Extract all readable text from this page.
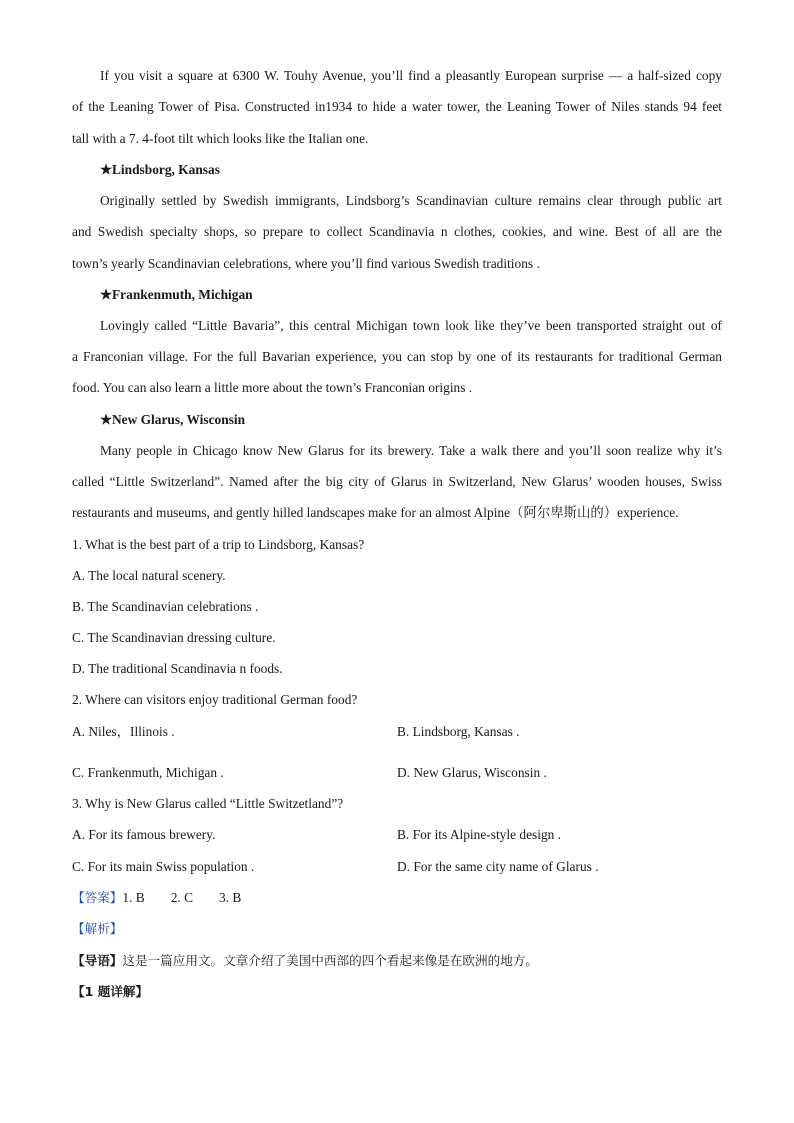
If you visit a square at 6300 W. Touhy Avenue, you’ll find a pleasantly European surprise — a half-sized copy
of the Leaning Tower of Pisa. Constructed in1934 to hide a water tower, the Leaning Tower of Niles stands 94 feet
tall with a 7. 4-foot tilt which looks like the Italian one.
★Lindsborg, Kansas
Originally settled by Swedish immigrants, Lindsborg’s Scandinavian culture remains clear through public art
and Swedish specialty shops, so prepare to collect Scandinavia n clothes, cookies, and wine. Best of all are the
town’s yearly Scandinavian celebrations, where you’ll find various Swedish traditions .
★Frankenmuth, Michigan
Lovingly called “Little Bavaria”, this central Michigan town look like they’ve been transported straight out of
a Franconian village. For the full Bavarian experience, you can stop by one of its restaurants for traditional German
food. You can also learn a little more about the town’s Franconian origins .
★New Glarus, Wisconsin
Many people in Chicago know New Glarus for its brewery. Take a walk there and you’ll soon realize why it’s
called “Little Switzerland”. Named after the big city of Glarus in Switzerland, New Glarus’ wooden houses, Swiss
restaurants and museums, and gently hilled landscapes make for an almost Alpine（阿尔卑斯山的）experience.
1. What is the best part of a trip to Lindsborg, Kansas?
A. The local natural scenery.
B. The Scandinavian celebrations .
C. The Scandinavian dressing culture.
D. The traditional Scandinavia n foods.
2. Where can visitors enjoy traditional German food?
A. Niles，Illinois .	B. Lindsborg, Kansas .
C. Frankenmuth, Michigan .	D. New Glarus, Wisconsin .
3. Why is New Glarus called “Little Switzetland”?
A. For its famous brewery.	B. For its Alpine-style design .
C. For its main Swiss population .	D. For the same city name of Glarus .
【答案】1. B 2. C 3. B
【解析】
【导语】这是一篇应用文。文章介绍了美国中西部的四个看起来像是在欧洲的地方。
【1 题详解】
